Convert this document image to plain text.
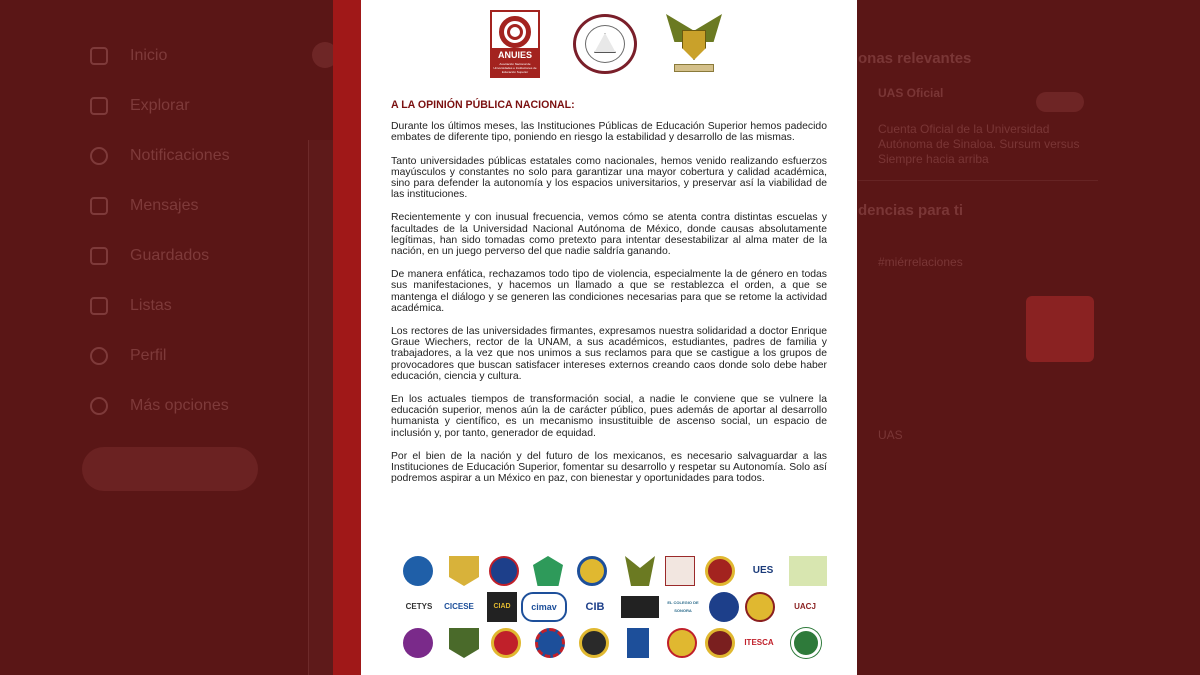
Inicio
Explorar
Notificaciones
Mensajes
Guardados
Listas
Perfil
Más opciones
onas relevantes
UAS Oficial
Cuenta Oficial de la Universidad
Autónoma de Sinaloa. Sursum versus
Siempre hacia arriba
dencias para ti
#miérrelaciones
UAS
ANUIES
Asociación Nacional de Universidades e Instituciones de Educación Superior
A LA OPINIÓN PÚBLICA NACIONAL:

Durante los últimos meses, las Instituciones Públicas de Educación Superior hemos padecido embates de diferente tipo, poniendo en riesgo la estabilidad y desarrollo de las mismas.

Tanto universidades públicas estatales como nacionales, hemos venido realizando esfuerzos mayúsculos y constantes no solo para garantizar una mayor cobertura y calidad académica, sino para defender la autonomía y los espacios universitarios, y preservar así la viabilidad de las instituciones.

Recientemente y con inusual frecuencia, vemos cómo se atenta contra distintas escuelas y facultades de la Universidad Nacional Autónoma de México, donde causas absolutamente legítimas, han sido tomadas como pretexto para intentar desestabilizar al alma mater de la nación, en un juego perverso del que nadie saldría ganando.

De manera enfática, rechazamos todo tipo de violencia, especialmente la de género en todas sus manifestaciones, y hacemos un llamado a que se restablezca el orden, a que se mantenga el diálogo y se generen las condiciones necesarias para que se retome la actividad académica.

Los rectores de las universidades firmantes, expresamos nuestra solidaridad a doctor Enrique Graue Wiechers, rector de la UNAM, a sus académicos, estudiantes, padres de familia y trabajadores, a la vez que nos unimos a sus reclamos para que se castigue a los grupos de provocadores que buscan satisfacer intereses externos creando caos donde solo debe haber educación, ciencia y cultura.

En los actuales tiempos de transformación social, a nadie le conviene que se vulnere la educación superior, menos aún la de carácter público, pues además de aportar al desarrollo humanista y científico, es un mecanismo insustituible de ascenso social, un espacio de inclusión y, por tanto, generador de equidad.

Por el bien de la nación y del futuro de los mexicanos, es necesario salvaguardar a las Instituciones de Educación Superior, fomentar su desarrollo y respetar su Autonomía. Solo así podremos aspirar a un México en paz, con bienestar y oportunidades para todos.

UES
CETYS	CICESE	CIAD	cimav	CIB	EL COLEGIO DE SONORA	UACJ
ITESCA
